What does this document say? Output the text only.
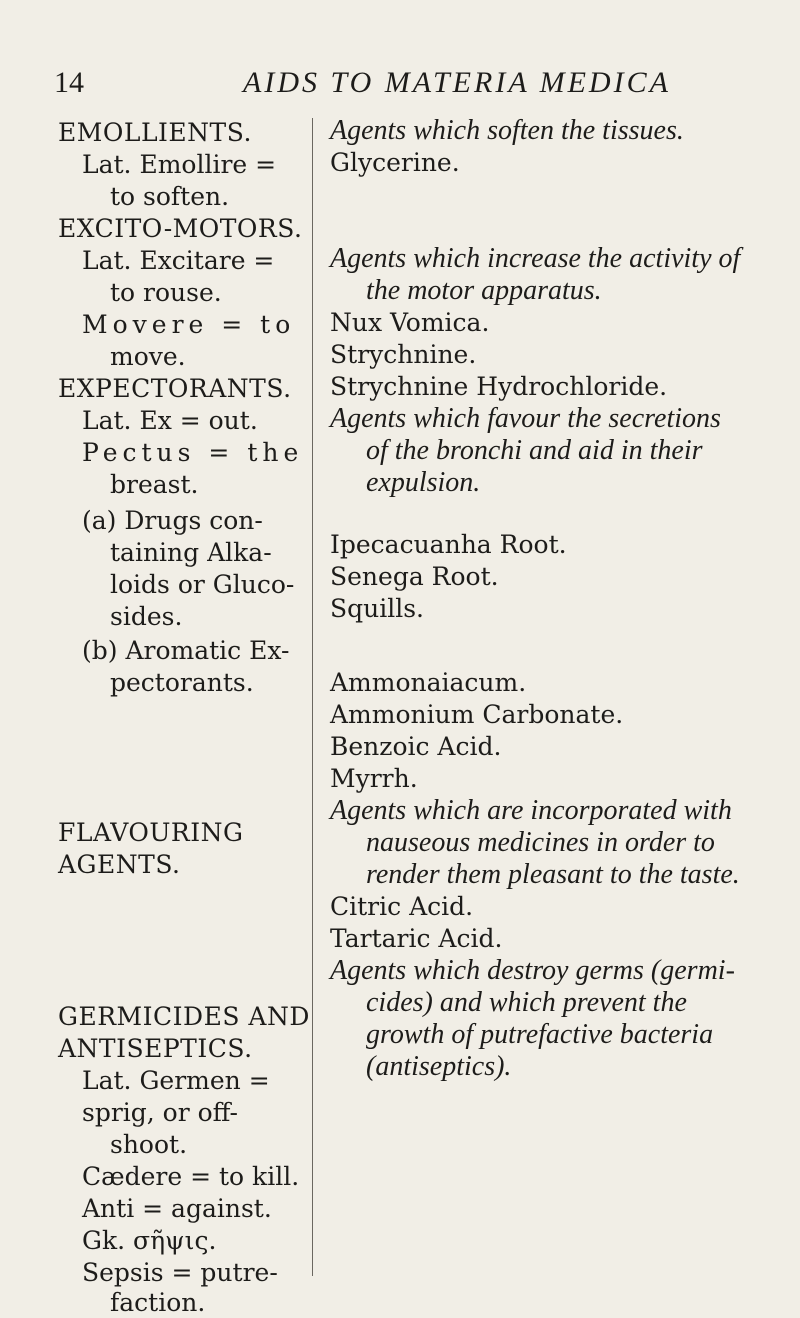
14	AIDS TO MATERIA MEDICA
EMOLLIENTS.
Lat. Emollire =
to soften.
EXCITO-MOTORS.
Lat. Excitare =
to rouse.
Movere = to
move.
EXPECTORANTS.
Lat. Ex = out.
Pectus = the
breast.
(a) Drugs con-
taining Alka-
loids or Gluco-
sides.
(b) Aromatic Ex-
pectorants.
FLAVOURING
AGENTS.
GERMICIDES AND
ANTISEPTICS.
Lat. Germen =
sprig, or off-
shoot.
Cædere = to kill.
Anti = against.
Gk. σῆψις.
Sepsis = putre-
faction.
Agents which soften the tissues.
Glycerine.
Agents which increase the activity of
the motor apparatus.
Nux Vomica.
Strychnine.
Strychnine Hydrochloride.
Agents which favour the secretions
of the bronchi and aid in their
expulsion.
Ipecacuanha Root.
Senega Root.
Squills.
Ammonaiacum.
Ammonium Carbonate.
Benzoic Acid.
Myrrh.
Agents which are incorporated with
nauseous medicines in order to
render them pleasant to the taste.
Citric Acid.
Tartaric Acid.
Agents which destroy germs (germi-
cides) and which prevent the
growth of putrefactive bacteria
(antiseptics).
